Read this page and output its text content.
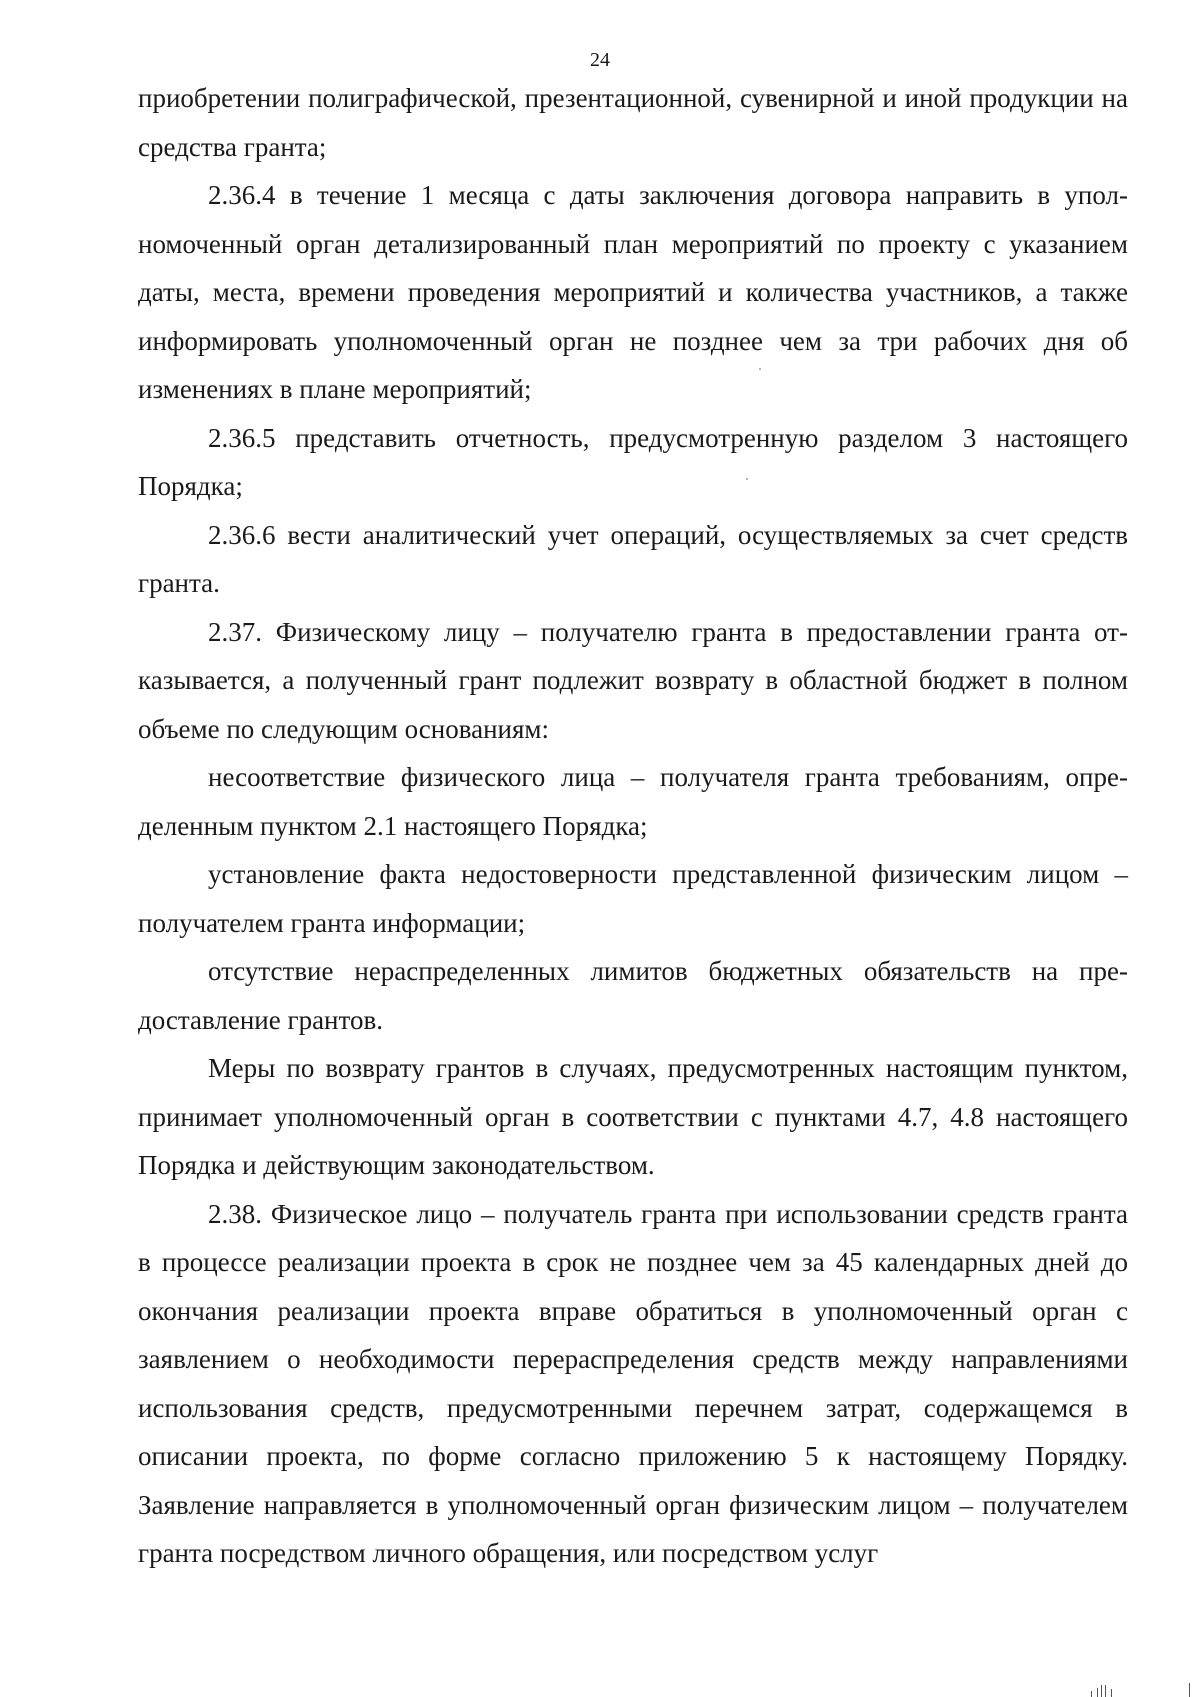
24

приобретении полиграфической, презентационной, сувенирной и иной продукции на средства гранта;

2.36.4 в течение 1 месяца с даты заключения договора направить в уполномоченный орган детализированный план мероприятий по проекту с указанием даты, места, времени проведения мероприятий и количества участников, а также информировать уполномоченный орган не позднее чем за три рабочих дня об изменениях в плане мероприятий;

2.36.5 представить отчетность, предусмотренную разделом 3 настоящего Порядка;

2.36.6 вести аналитический учет операций, осуществляемых за счет средств гранта.

2.37. Физическому лицу – получателю гранта в предоставлении гранта отказывается, а полученный грант подлежит возврату в областной бюджет в полном объеме по следующим основаниям:

несоответствие физического лица – получателя гранта требованиям, определенным пунктом 2.1 настоящего Порядка;

установление факта недостоверности представленной физическим лицом – получателем гранта информации;

отсутствие нераспределенных лимитов бюджетных обязательств на предоставление грантов.

Меры по возврату грантов в случаях, предусмотренных настоящим пунктом, принимает уполномоченный орган в соответствии с пунктами 4.7, 4.8 настоящего Порядка и действующим законодательством.

2.38. Физическое лицо – получатель гранта при использовании средств гранта в процессе реализации проекта в срок не позднее чем за 45 календарных дней до окончания реализации проекта вправе обратиться в уполномоченный орган с заявлением о необходимости перераспределения средств между направлениями использования средств, предусмотренными перечнем затрат, содержащемся в описании проекта, по форме согласно приложению 5 к настоящему Порядку. Заявление направляется в уполномоченный орган физическим лицом – получателем гранта посредством личного обращения, или посредством услуг
